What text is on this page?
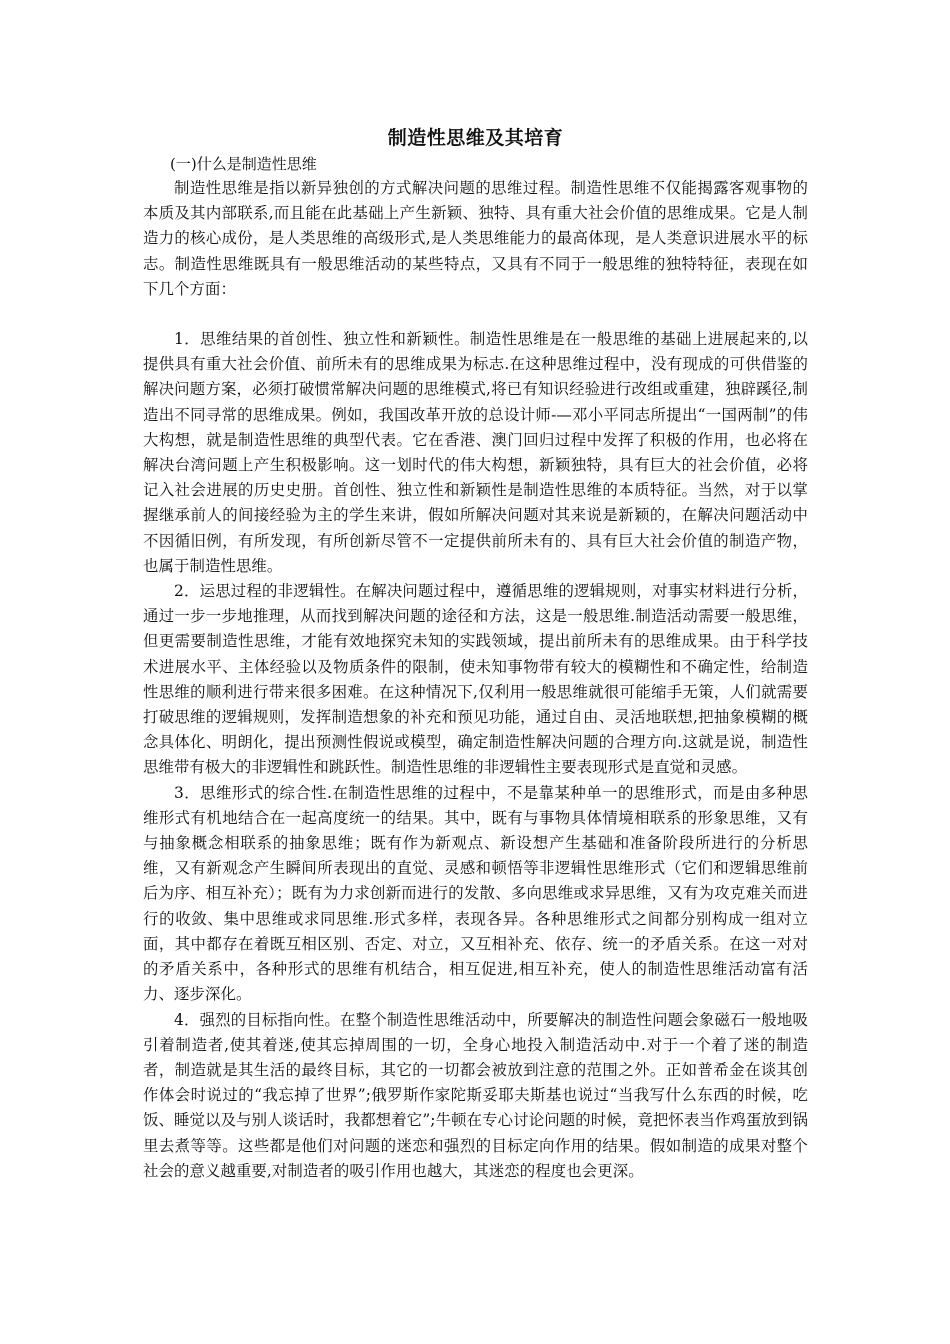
制造性思维及其培育

(一)什么是制造性思维

制造性思维是指以新异独创的方式解决问题的思维过程。制造性思维不仅能揭露客观事物的本质及其内部联系,而且能在此基础上产生新颖、独特、具有重大社会价值的思维成果。它是人制造力的核心成份，是人类思维的高级形式,是人类思维能力的最高体现，是人类意识进展水平的标志。制造性思维既具有一般思维活动的某些特点，又具有不同于一般思维的独特特征，表现在如下几个方面：

1．思维结果的首创性、独立性和新颖性。制造性思维是在一般思维的基础上进展起来的,以提供具有重大社会价值、前所未有的思维成果为标志.在这种思维过程中，没有现成的可供借鉴的解决问题方案，必须打破惯常解决问题的思维模式,将已有知识经验进行改组或重建，独辟蹊径,制造出不同寻常的思维成果。例如，我国改革开放的总设计师-—邓小平同志所提出“一国两制”的伟大构想，就是制造性思维的典型代表。它在香港、澳门回归过程中发挥了积极的作用，也必将在解决台湾问题上产生积极影响。这一划时代的伟大构想，新颖独特，具有巨大的社会价值，必将记入社会进展的历史史册。首创性、独立性和新颖性是制造性思维的本质特征。当然，对于以掌握继承前人的间接经验为主的学生来讲，假如所解决问题对其来说是新颖的，在解决问题活动中不因循旧例，有所发现，有所创新尽管不一定提供前所未有的、具有巨大社会价值的制造产物，也属于制造性思维。

2．运思过程的非逻辑性。在解决问题过程中，遵循思维的逻辑规则，对事实材料进行分析，通过一步一步地推理，从而找到解决问题的途径和方法，这是一般思维.制造活动需要一般思维，但更需要制造性思维，才能有效地探究未知的实践领域，提出前所未有的思维成果。由于科学技术进展水平、主体经验以及物质条件的限制，使未知事物带有较大的模糊性和不确定性，给制造性思维的顺利进行带来很多困难。在这种情况下,仅利用一般思维就很可能缩手无策，人们就需要打破思维的逻辑规则，发挥制造想象的补充和预见功能，通过自由、灵活地联想,把抽象模糊的概念具体化、明朗化，提出预测性假说或模型，确定制造性解决问题的合理方向.这就是说，制造性思维带有极大的非逻辑性和跳跃性。制造性思维的非逻辑性主要表现形式是直觉和灵感。

3．思维形式的综合性.在制造性思维的过程中，不是靠某种单一的思维形式，而是由多种思维形式有机地结合在一起高度统一的结果。其中，既有与事物具体情境相联系的形象思维，又有与抽象概念相联系的抽象思维；既有作为新观点、新设想产生基础和准备阶段所进行的分析思维，又有新观念产生瞬间所表现出的直觉、灵感和顿悟等非逻辑性思维形式（它们和逻辑思维前后为序、相互补充）；既有为力求创新而进行的发散、多向思维或求异思维，又有为攻克难关而进行的收敛、集中思维或求同思维.形式多样，表现各异。各种思维形式之间都分别构成一组对立面，其中都存在着既互相区别、否定、对立，又互相补充、依存、统一的矛盾关系。在这一对对的矛盾关系中，各种形式的思维有机结合，相互促进,相互补充，使人的制造性思维活动富有活力、逐步深化。

4．强烈的目标指向性。在整个制造性思维活动中，所要解决的制造性问题会象磁石一般地吸引着制造者,使其着迷,使其忘掉周围的一切，全身心地投入制造活动中.对于一个着了迷的制造者，制造就是其生活的最终目标，其它的一切都会被放到注意的范围之外。正如普希金在谈其创作体会时说过的“我忘掉了世界”;俄罗斯作家陀斯妥耶夫斯基也说过“当我写什么东西的时候，吃饭、睡觉以及与别人谈话时，我都想着它”;牛顿在专心讨论问题的时候，竟把怀表当作鸡蛋放到锅里去煮等等。这些都是他们对问题的迷恋和强烈的目标定向作用的结果。假如制造的成果对整个社会的意义越重要,对制造者的吸引作用也越大，其迷恋的程度也会更深。
